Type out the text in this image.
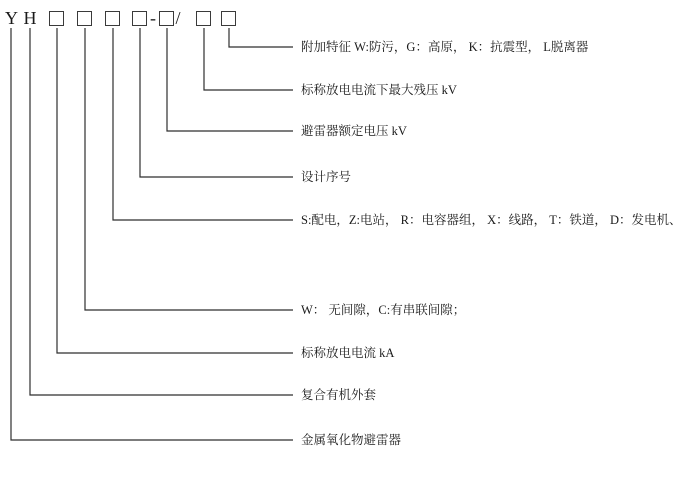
Y H	- /
附加特征 W:防污，G：高原， K：抗震型， L脱离器
标称放电电流下最大残压 kV
避雷器额定电压 kV
设计序号
S:配电，Z:电站， R：电容器组， X：线路， T：铁道， D：发电机、
W： 无间隙，C:有串联间隙；
标称放电电流 kA
复合有机外套
金属氧化物避雷器
